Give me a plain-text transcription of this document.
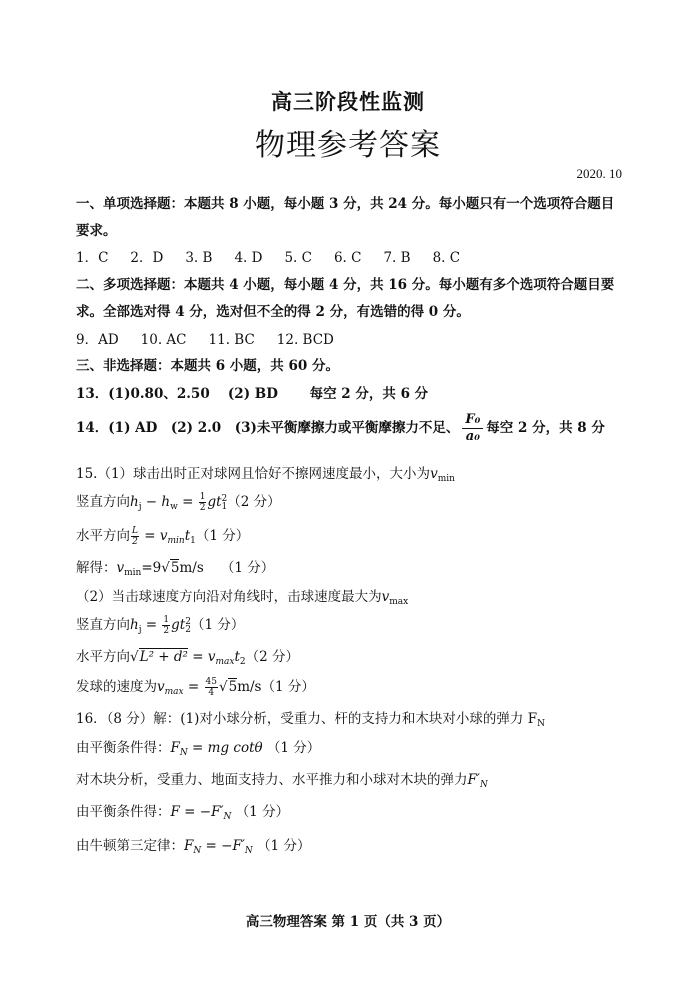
高三阶段性监测
物理参考答案
2020. 10
一、单项选择题：本题共 8 小题，每小题 3 分，共 24 分。每小题只有一个选项符合题目
要求。
1．C 2．D 3. B 4. D 5. C 6. C 7. B 8. C
二、多项选择题：本题共 4 小题，每小题 4 分，共 16 分。每小题有多个选项符合题目要
求。全部选对得 4 分，选对但不全的得 2 分，有选错的得 0 分。
9．AD 10. AC 11. BC 12. BCD
三、非选择题：本题共 6 小题，共 60 分。
13．(1)0.80、2.50　 (2) BD　　 每空 2 分，共 6 分
14．(1) AD　(2) 2.0　(3)未平衡摩擦力或平衡摩擦力不足、 $\frac{\text{F₀}}{\text{a₀}}$ 每空 2 分，共 8 分
15.（1）球击出时正对球网且恰好不擦网速度最小，大小为$v_{min}$
竖直方向$h_j - h_w = \frac{1}{2}$ gt 2
1 （2 分）
水平方向 $\frac{L}{2} = v_{min}t_1(1$ 分）
解得：$v_{min}=9√5m/s$ （1 分）
（2）当击球速度方向沿对角线时，击球速度最大为$v_{max}$
竖直方向$h_j = \frac{1}{2}$ gt 2
2 （1 分）
水平方向$√L^2 + d^2 = v_{max}t_2(2$ 分）
发球的速度为$v_{max} = \frac{45}{4} √5m/s(1$ 分）
16．（8 分）解：(1)对小球分析，受重力、杆的支持力和木块对小球的弹力 $F_N$
由平衡条件得：$F_N$ = mg cotθ （1 分）
对木块分析，受重力、地面支持力、水平推力和小球对木块的弹力$F'_N$
由平衡条件得：$F = -F'_N$ （1 分）
由牛顿第三定律：$F_N = -F'_N$ （1 分）
高三物理答案 第 1 页（共 3 页）
